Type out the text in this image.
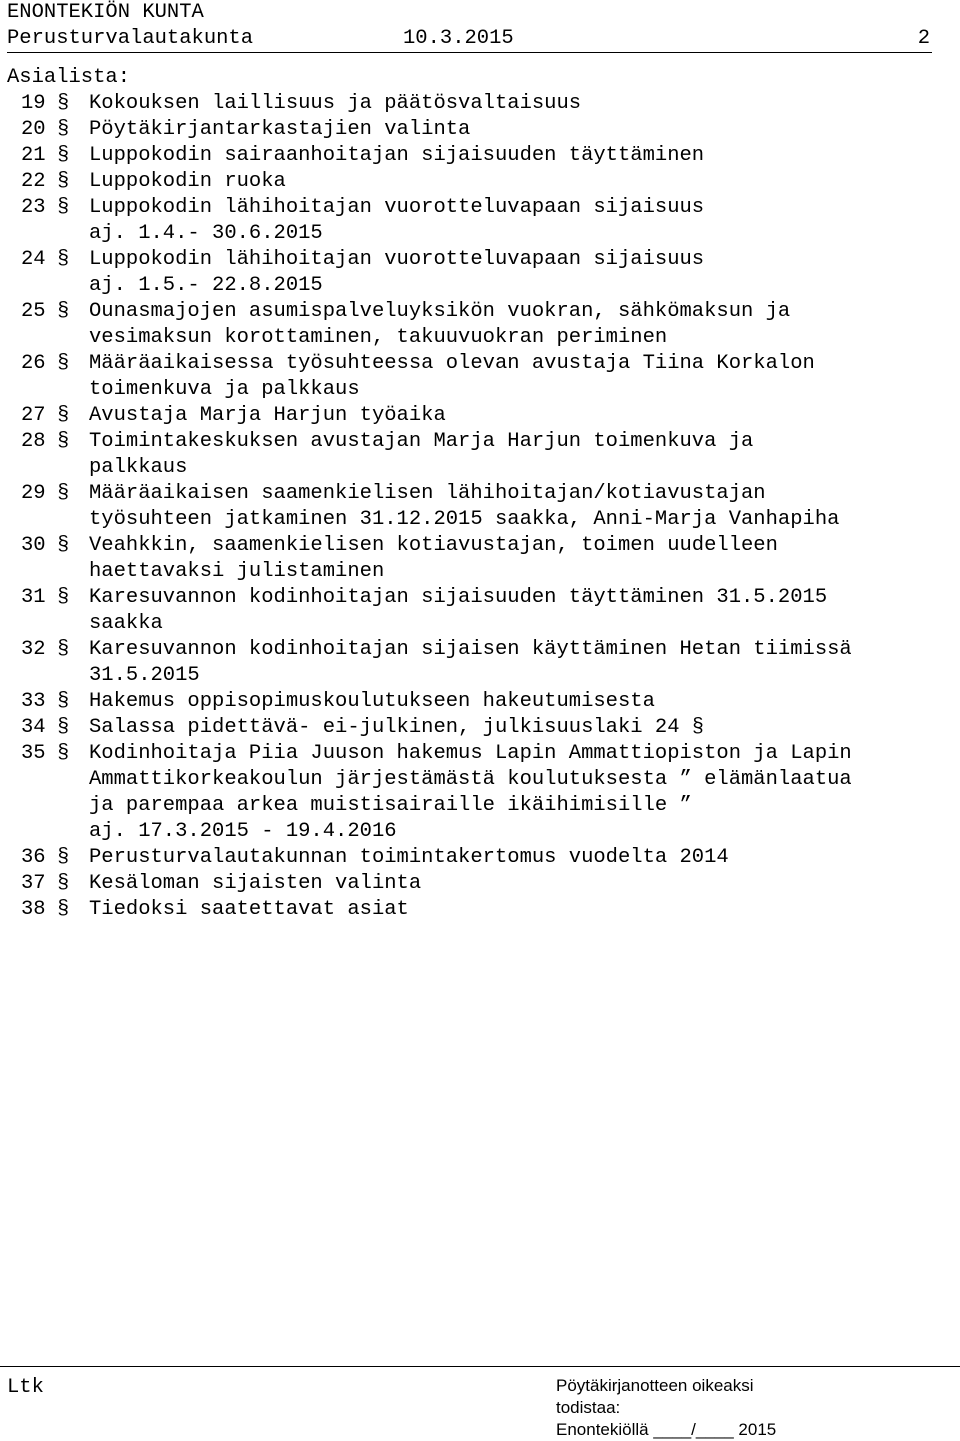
ENONTEKIÖN KUNTA
Perusturvalautakunta	10.3.2015	2
Asialista:
19 § Kokouksen laillisuus ja päätösvaltaisuus
20 § Pöytäkirjantarkastajien valinta
21 § Luppokodin sairaanhoitajan sijaisuuden täyttäminen
22 § Luppokodin ruoka
23 § Luppokodin lähihoitajan vuorotteluvapaan sijaisuus
aj. 1.4.- 30.6.2015
24 § Luppokodin lähihoitajan vuorotteluvapaan sijaisuus
aj. 1.5.- 22.8.2015
25 § Ounasmajojen asumispalveluyksikön vuokran, sähkömaksun ja
vesimaksun korottaminen, takuuvuokran periminen
26 § Määräaikaisessa työsuhteessa olevan avustaja Tiina Korkalon
toimenkuva ja palkkaus
27 § Avustaja Marja Harjun työaika
28 § Toimintakeskuksen avustajan Marja Harjun toimenkuva ja
palkkaus
29 § Määräaikaisen saamenkielisen lähihoitajan/kotiavustajan
työsuhteen jatkaminen 31.12.2015 saakka, Anni-Marja Vanhapiha
30 § Veahkkin, saamenkielisen kotiavustajan, toimen uudelleen
haettavaksi julistaminen
31 § Karesuvannon kodinhoitajan sijaisuuden täyttäminen 31.5.2015
saakka
32 § Karesuvannon kodinhoitajan sijaisen käyttäminen Hetan tiimissä
31.5.2015
33 § Hakemus oppisopimuskoulutukseen hakeutumisesta
34 § Salassa pidettävä- ei-julkinen, julkisuuslaki 24 §
35 § Kodinhoitaja Piia Juuson hakemus Lapin Ammattiopiston ja Lapin
Ammattikorkeakoulun järjestämästä koulutuksesta ” elämänlaatua
ja parempaa arkea muistisairaille ikäihimisille ”
aj. 17.3.2015 - 19.4.2016
36 § Perusturvalautakunnan toimintakertomus vuodelta 2014
37 § Kesäloman sijaisten valinta
38 § Tiedoksi saatettavat asiat
Ltk	Pöytäkirjanotteen oikeaksi
todistaa:
Enontekiöllä ____/____ 2015
